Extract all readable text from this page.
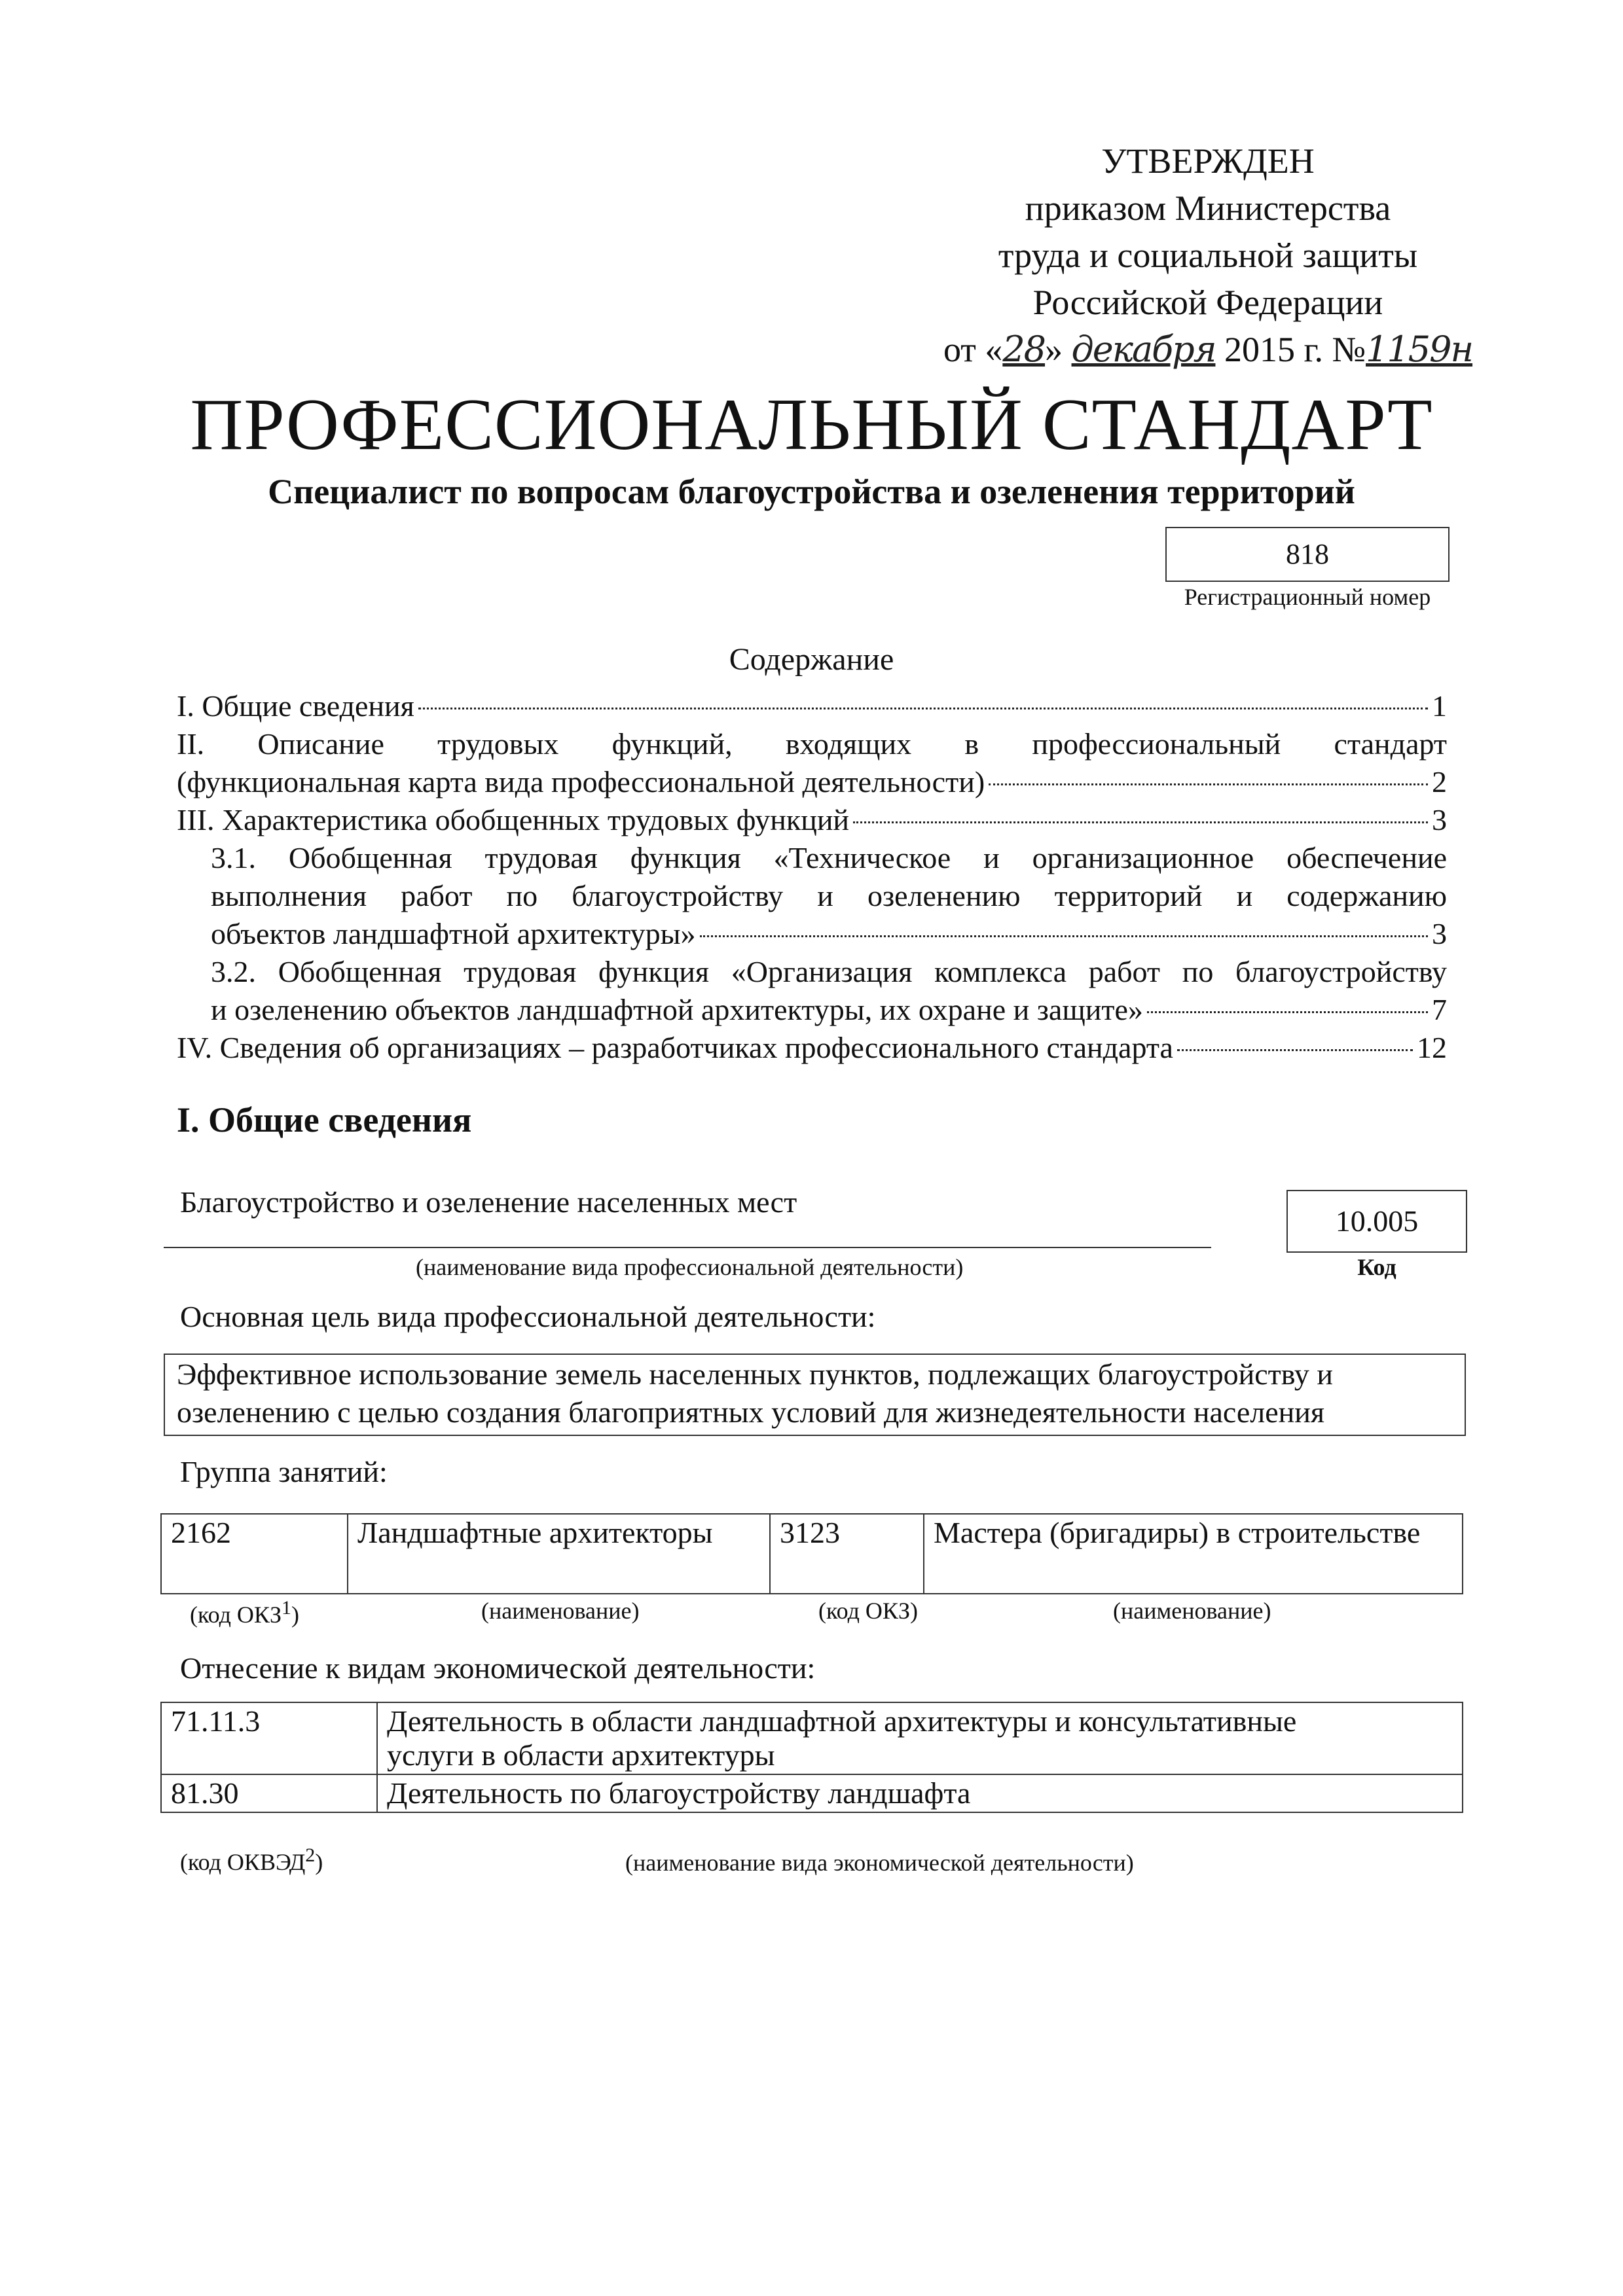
УТВЕРЖДЕН
приказом Министерства
труда и социальной защиты
Российской Федерации
от «28» декабря 2015 г. №1159н
ПРОФЕССИОНАЛЬНЫЙ СТАНДАРТ
Специалист по вопросам благоустройства и озеленения территорий
818
Регистрационный номер
Содержание
I. Общие сведения	1
II. Описание трудовых функций, входящих в профессиональный стандарт
(функциональная карта вида профессиональной деятельности)	2
III. Характеристика обобщенных трудовых функций	3
3.1. Обобщенная трудовая функция «Техническое и организационное обеспечение
выполнения работ по благоустройству и озеленению территорий и содержанию
объектов ландшафтной архитектуры»	3
3.2. Обобщенная трудовая функция «Организация комплекса работ по благоустройству
и озеленению объектов ландшафтной архитектуры, их охране и защите»	7
IV. Сведения об организациях – разработчиках профессионального стандарта	12
I. Общие сведения
Благоустройство и озеленение населенных мест
(наименование вида профессиональной деятельности)
10.005
Код
Основная цель вида профессиональной деятельности:
Эффективное использование земель населенных пунктов, подлежащих благоустройству и
озеленению с целью создания благоприятных условий для жизнедеятельности населения
Группа занятий:
2162	Ландшафтные архитекторы	3123	Мастера (бригадиры) в строительстве
(код ОКЗ$^1$)	(наименование)	(код ОКЗ)	(наименование)
Отнесение к видам экономической деятельности:
71.11.3	Деятельность в области ландшафтной архитектуры и консультативные
услуги в области архитектуры

81.30	Деятельность по благоустройству ландшафта
(код ОКВЭД$^2$)	(наименование вида экономической деятельности)
